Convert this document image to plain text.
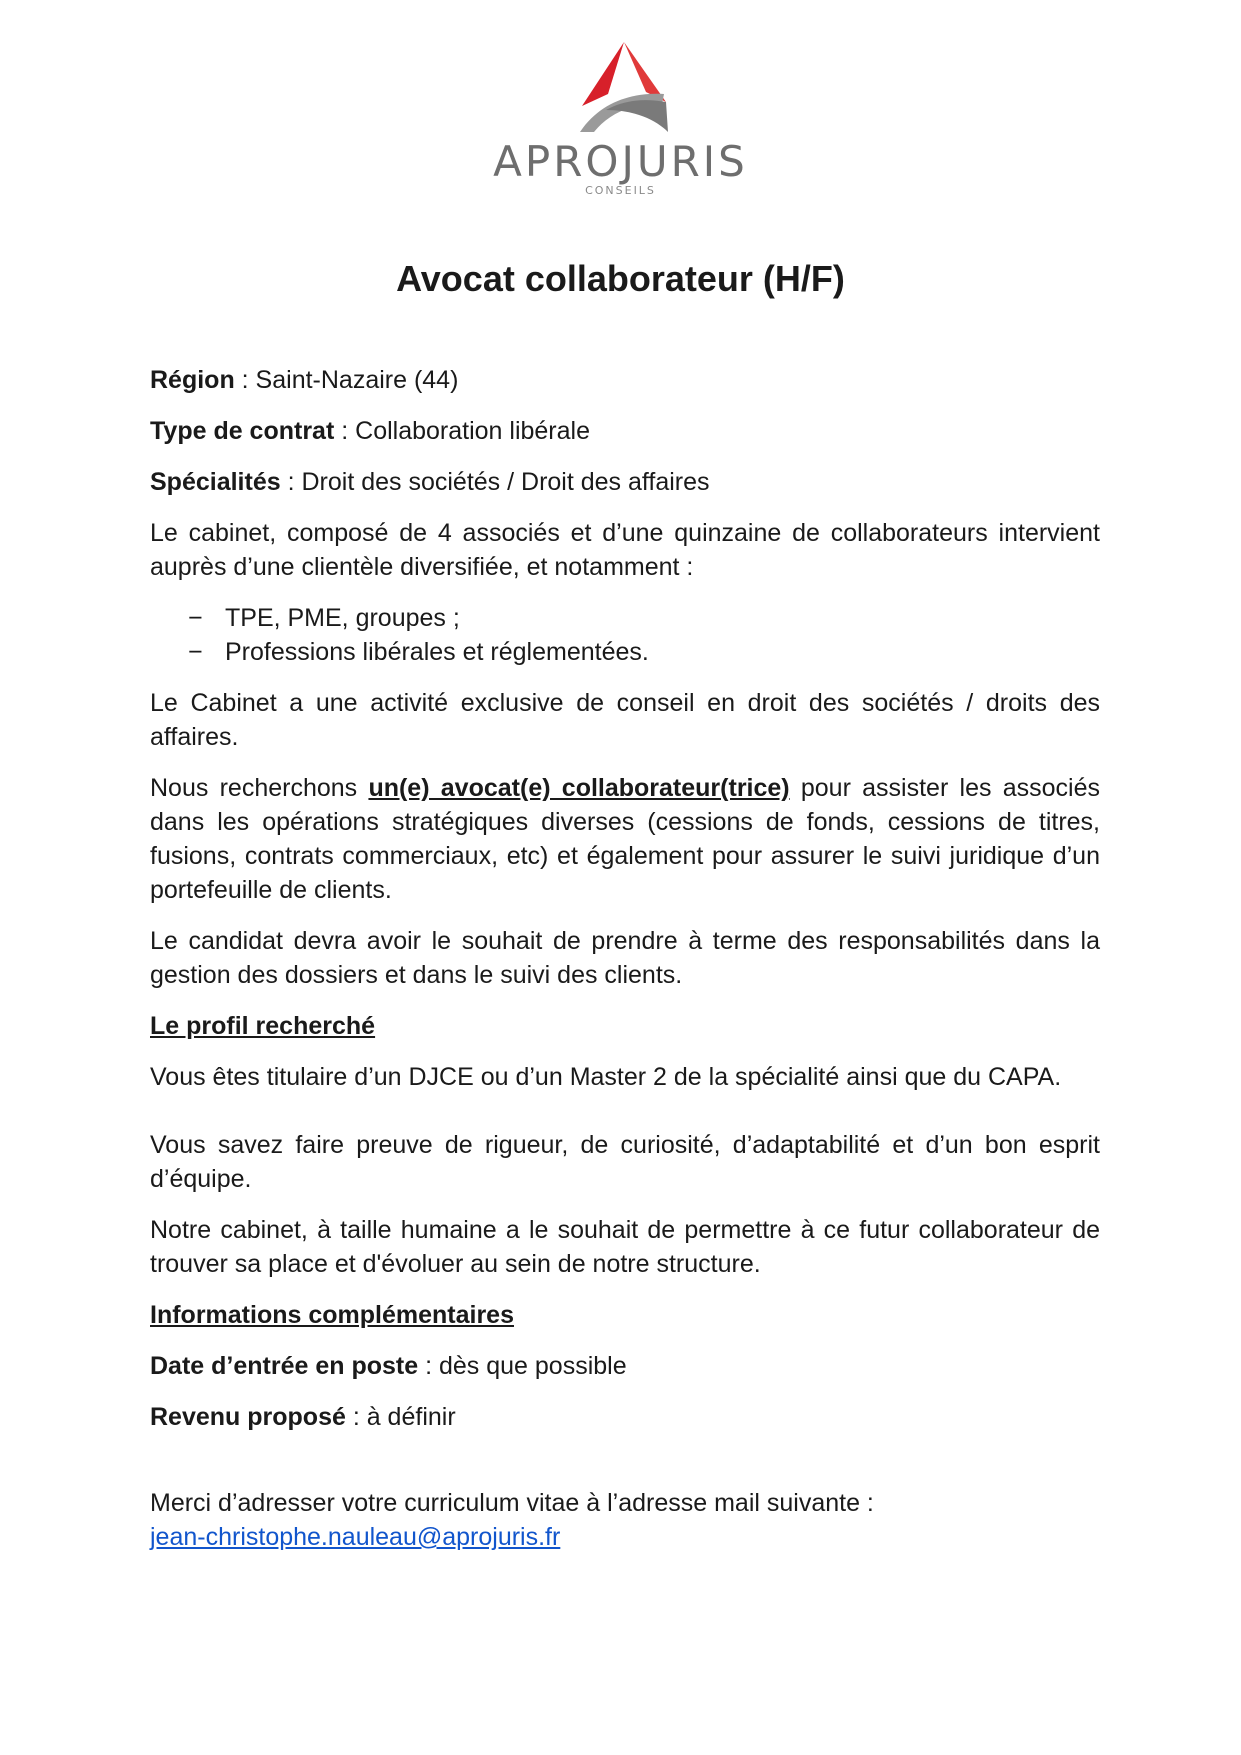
APROJURIS
CONSEILS
Avocat collaborateur (H/F)

Région : Saint-Nazaire (44)

Type de contrat : Collaboration libérale

Spécialités : Droit des sociétés / Droit des affaires

Le cabinet, composé de 4 associés et d’une quinzaine de collaborateurs intervient auprès d’une clientèle diversifiée, et notamment :

− TPE, PME, groupes ;
− Professions libérales et réglementées.

Le Cabinet a une activité exclusive de conseil en droit des sociétés / droits des affaires.

Nous recherchons un(e) avocat(e) collaborateur(trice) pour assister les associés dans les opérations stratégiques diverses (cessions de fonds, cessions de titres, fusions, contrats commerciaux, etc) et également pour assurer le suivi juridique d’un portefeuille de clients.

Le candidat devra avoir le souhait de prendre à terme des responsabilités dans la gestion des dossiers et dans le suivi des clients.

Le profil recherché

Vous êtes titulaire d’un DJCE ou d’un Master 2 de la spécialité ainsi que du CAPA.

Vous savez faire preuve de rigueur, de curiosité, d’adaptabilité et d’un bon esprit d’équipe.

Notre cabinet, à taille humaine a le souhait de permettre à ce futur collaborateur de trouver sa place et d'évoluer au sein de notre structure.

Informations complémentaires

Date d’entrée en poste : dès que possible

Revenu proposé : à définir

Merci d’adresser votre curriculum vitae à l’adresse mail suivante :
jean-christophe.nauleau@aprojuris.fr
